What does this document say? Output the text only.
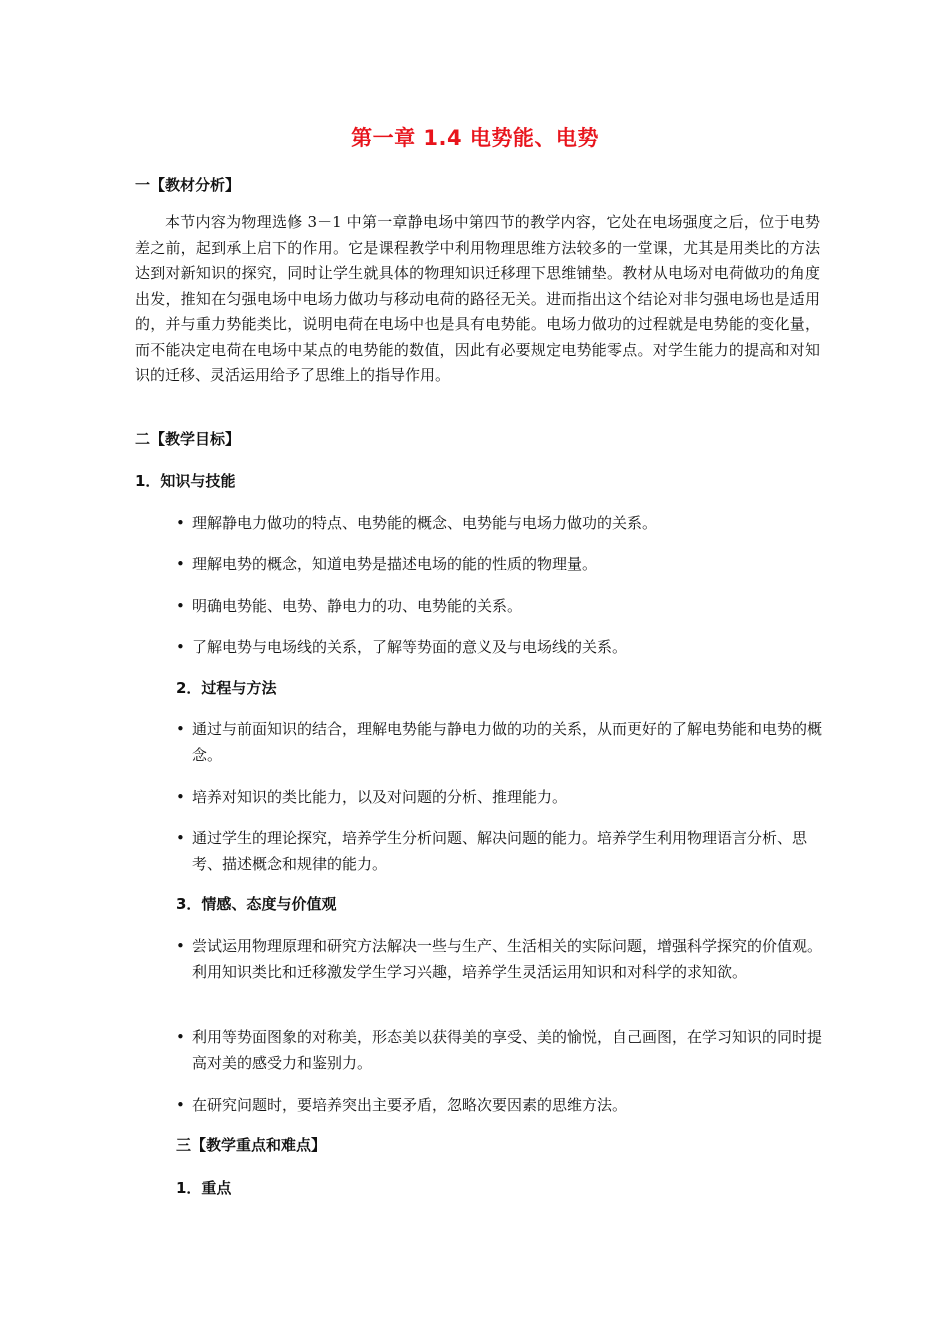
第一章 1.4 电势能、电势
一【教材分析】

本节内容为物理选修 3－1 中第一章静电场中第四节的教学内容，它处在电场强度之后，位于电势差之前，起到承上启下的作用。它是课程教学中利用物理思维方法较多的一堂课，尤其是用类比的方法达到对新知识的探究，同时让学生就具体的物理知识迁移理下思维铺垫。教材从电场对电荷做功的角度出发，推知在匀强电场中电场力做功与移动电荷的路径无关。进而指出这个结论对非匀强电场也是适用的，并与重力势能类比，说明电荷在电场中也是具有电势能。电场力做功的过程就是电势能的变化量，而不能决定电荷在电场中某点的电势能的数值，因此有必要规定电势能零点。对学生能力的提高和对知识的迁移、灵活运用给予了思维上的指导作用。

二【教学目标】
1．知识与技能
• 理解静电力做功的特点、电势能的概念、电势能与电场力做功的关系。
• 理解电势的概念，知道电势是描述电场的能的性质的物理量。
• 明确电势能、电势、静电力的功、电势能的关系。
• 了解电势与电场线的关系，了解等势面的意义及与电场线的关系。
2．过程与方法
• 通过与前面知识的结合，理解电势能与静电力做的功的关系，从而更好的了解电势能和电势的概念。
• 培养对知识的类比能力，以及对问题的分析、推理能力。
• 通过学生的理论探究，培养学生分析问题、解决问题的能力。培养学生利用物理语言分析、思考、描述概念和规律的能力。
3．情感、态度与价值观
• 尝试运用物理原理和研究方法解决一些与生产、生活相关的实际问题，增强科学探究的价值观。利用知识类比和迁移激发学生学习兴趣，培养学生灵活运用知识和对科学的求知欲。
• 利用等势面图象的对称美，形态美以获得美的享受、美的愉悦，自己画图，在学习知识的同时提高对美的感受力和鉴别力。
• 在研究问题时，要培养突出主要矛盾，忽略次要因素的思维方法。
三【教学重点和难点】
1．重点
